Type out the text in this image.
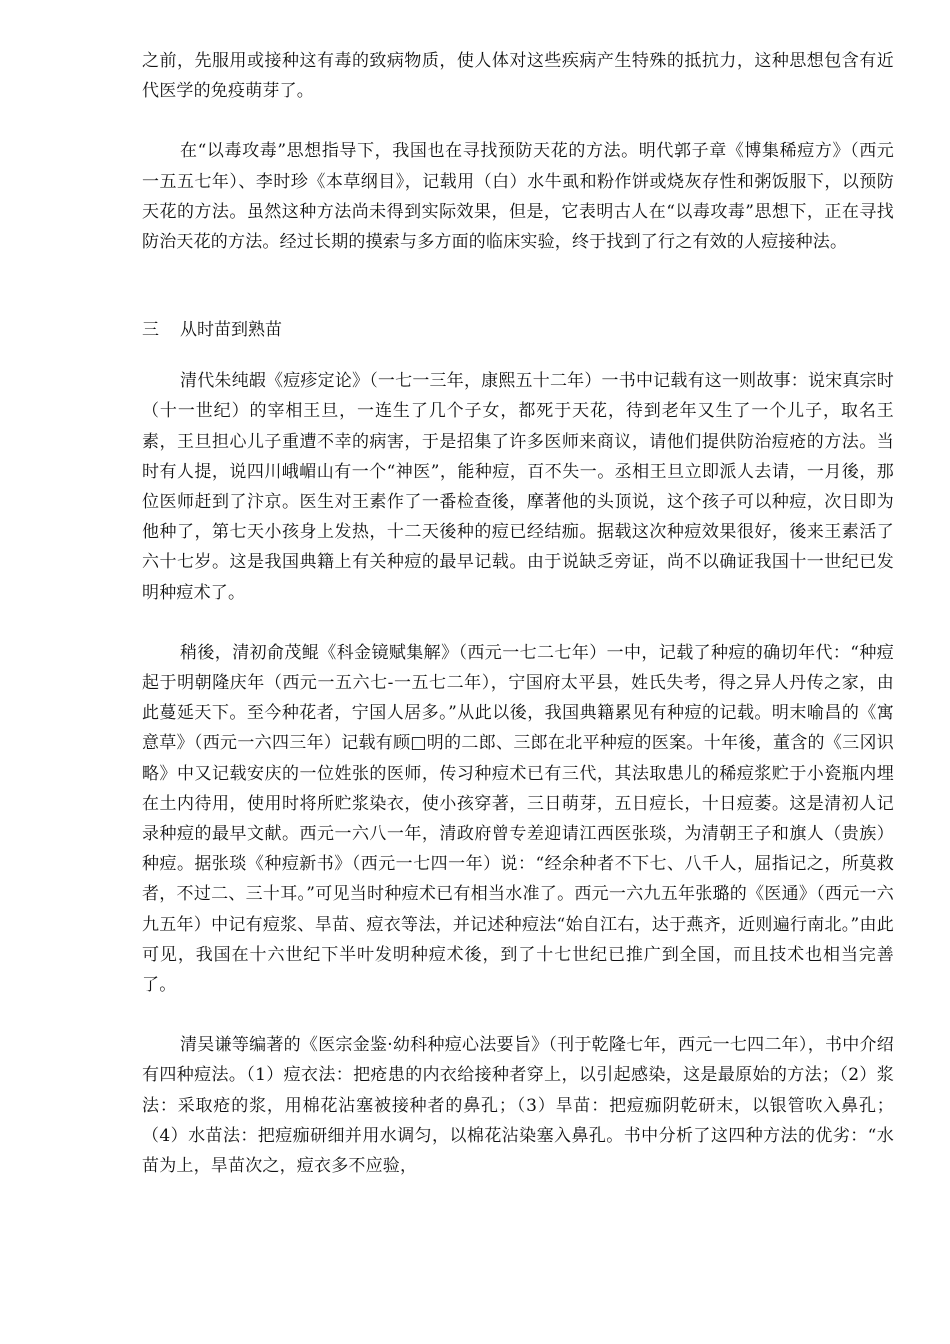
之前，先服用或接种这有毒的致病物质，使人体对这些疾病产生特殊的抵抗力，这种思想包含有近代医学的免疫萌芽了。

在“以毒攻毒”思想指导下，我国也在寻找预防天花的方法。明代郭子章《博集稀痘方》（西元一五五七年）、李时珍《本草纲目》，记载用（白）水牛虱和粉作饼或烧灰存性和粥饭服下，以预防天花的方法。虽然这种方法尚未得到实际效果，但是，它表明古人在“以毒攻毒”思想下，正在寻找防治天花的方法。经过长期的摸索与多方面的临床实验，终于找到了行之有效的人痘接种法。

三 从时苗到熟苗

清代朱纯嘏《痘疹定论》（一七一三年，康熙五十二年）一书中记载有这一则故事：说宋真宗时（十一世纪）的宰相王旦，一连生了几个子女，都死于天花，待到老年又生了一个儿子，取名王素，王旦担心儿子重遭不幸的病害，于是招集了许多医师来商议，请他们提供防治痘疮的方法。当时有人提，说四川峨嵋山有一个“神医”，能种痘，百不失一。丞相王旦立即派人去请，一月後，那位医师赶到了汴京。医生对王素作了一番检查後，摩著他的头顶说，这个孩子可以种痘，次日即为他种了，第七天小孩身上发热，十二天後种的痘已经结痂。据载这次种痘效果很好，後来王素活了六十七岁。这是我国典籍上有关种痘的最早记载。由于说缺乏旁证，尚不以确证我国十一世纪已发明种痘术了。

稍後，清初俞茂鲲《科金镜赋集解》（西元一七二七年）一中，记载了种痘的确切年代：“种痘起于明朝隆庆年（西元一五六七-一五七二年），宁国府太平县，姓氏失考，得之异人丹传之家，由此蔓延天下。至今种花者，宁国人居多。”从此以後，我国典籍累见有种痘的记载。明末喻昌的《寓意草》（西元一六四三年）记载有顾□明的二郎、三郎在北平种痘的医案。十年後，董含的《三冈识略》中又记载安庆的一位姓张的医师，传习种痘术已有三代，其法取患儿的稀痘浆贮于小瓷瓶内埋在土内待用，使用时将所贮浆染衣，使小孩穿著，三日萌芽，五日痘长，十日痘萎。这是清初人记录种痘的最早文献。西元一六八一年，清政府曾专差迎请江西医张琰，为清朝王子和旗人（贵族）种痘。据张琰《种痘新书》（西元一七四一年）说：“经余种者不下七、八千人，屈指记之，所莫救者，不过二、三十耳。”可见当时种痘术已有相当水准了。西元一六九五年张璐的《医通》（西元一六九五年）中记有痘浆、旱苗、痘衣等法，并记述种痘法“始自江右，达于燕齐，近则遍行南北。”由此可见，我国在十六世纪下半叶发明种痘术後，到了十七世纪已推广到全国，而且技术也相当完善了。

清吴谦等编著的《医宗金鉴·幼科种痘心法要旨》（刊于乾隆七年，西元一七四二年），书中介绍有四种痘法。（1）痘衣法：把疮患的内衣给接种者穿上，以引起感染，这是最原始的方法；（2）浆法：采取疮的浆，用棉花沾塞被接种者的鼻孔；（3）旱苗：把痘痂阴乾研末，以银管吹入鼻孔；（4）水苗法：把痘痂研细并用水调匀，以棉花沾染塞入鼻孔。书中分析了这四种方法的优劣：“水苗为上，旱苗次之，痘衣多不应验，
